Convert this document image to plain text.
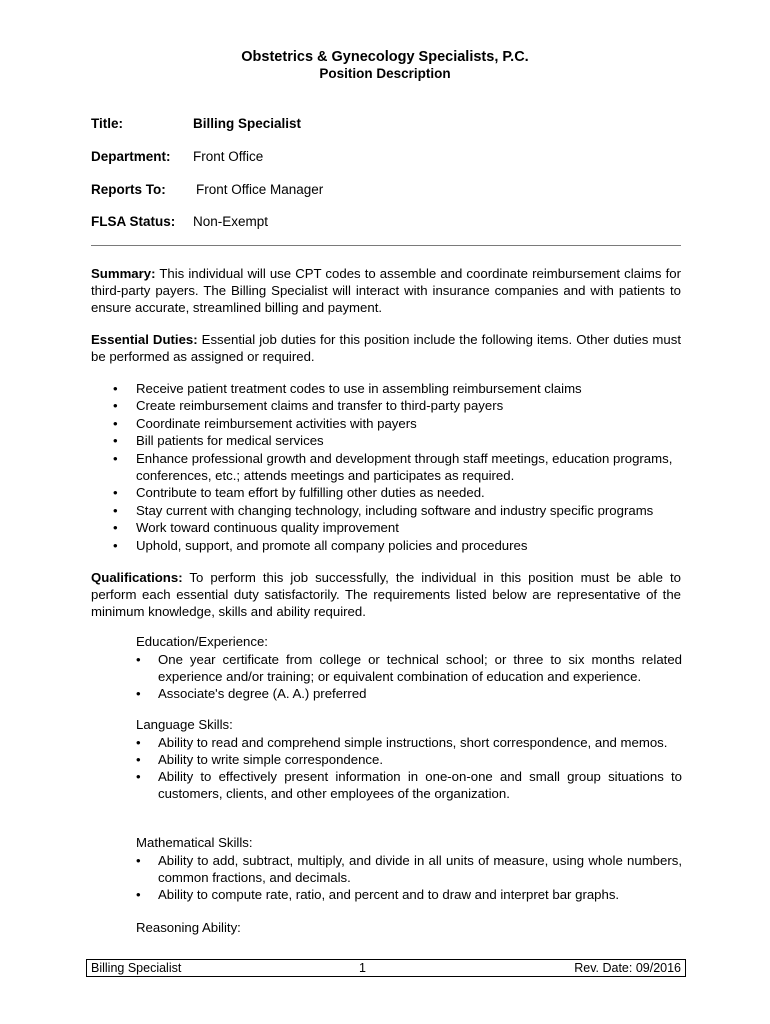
Obstetrics & Gynecology Specialists, P.C.
Position Description
Title:	Billing Specialist
Department: Front Office
Reports To: Front Office Manager
FLSA Status: Non-Exempt
Summary: This individual will use CPT codes to assemble and coordinate reimbursement claims for third-party payers. The Billing Specialist will interact with insurance companies and with patients to ensure accurate, streamlined billing and payment.
Essential Duties: Essential job duties for this position include the following items. Other duties must be performed as assigned or required.
• Receive patient treatment codes to use in assembling reimbursement claims
• Create reimbursement claims and transfer to third-party payers
• Coordinate reimbursement activities with payers
• Bill patients for medical services
• Enhance professional growth and development through staff meetings, education programs, conferences, etc.; attends meetings and participates as required.
• Contribute to team effort by fulfilling other duties as needed.
• Stay current with changing technology, including software and industry specific programs
• Work toward continuous quality improvement
• Uphold, support, and promote all company policies and procedures
Qualifications: To perform this job successfully, the individual in this position must be able to perform each essential duty satisfactorily. The requirements listed below are representative of the minimum knowledge, skills and ability required.
Education/Experience:
• One year certificate from college or technical school; or three to six months related experience and/or training; or equivalent combination of education and experience.
• Associate's degree (A. A.) preferred
Language Skills:
• Ability to read and comprehend simple instructions, short correspondence, and memos.
• Ability to write simple correspondence.
• Ability to effectively present information in one-on-one and small group situations to customers, clients, and other employees of the organization.
Mathematical Skills:
• Ability to add, subtract, multiply, and divide in all units of measure, using whole numbers, common fractions, and decimals.
• Ability to compute rate, ratio, and percent and to draw and interpret bar graphs.
Reasoning Ability:
Billing Specialist	1	Rev. Date: 09/2016
